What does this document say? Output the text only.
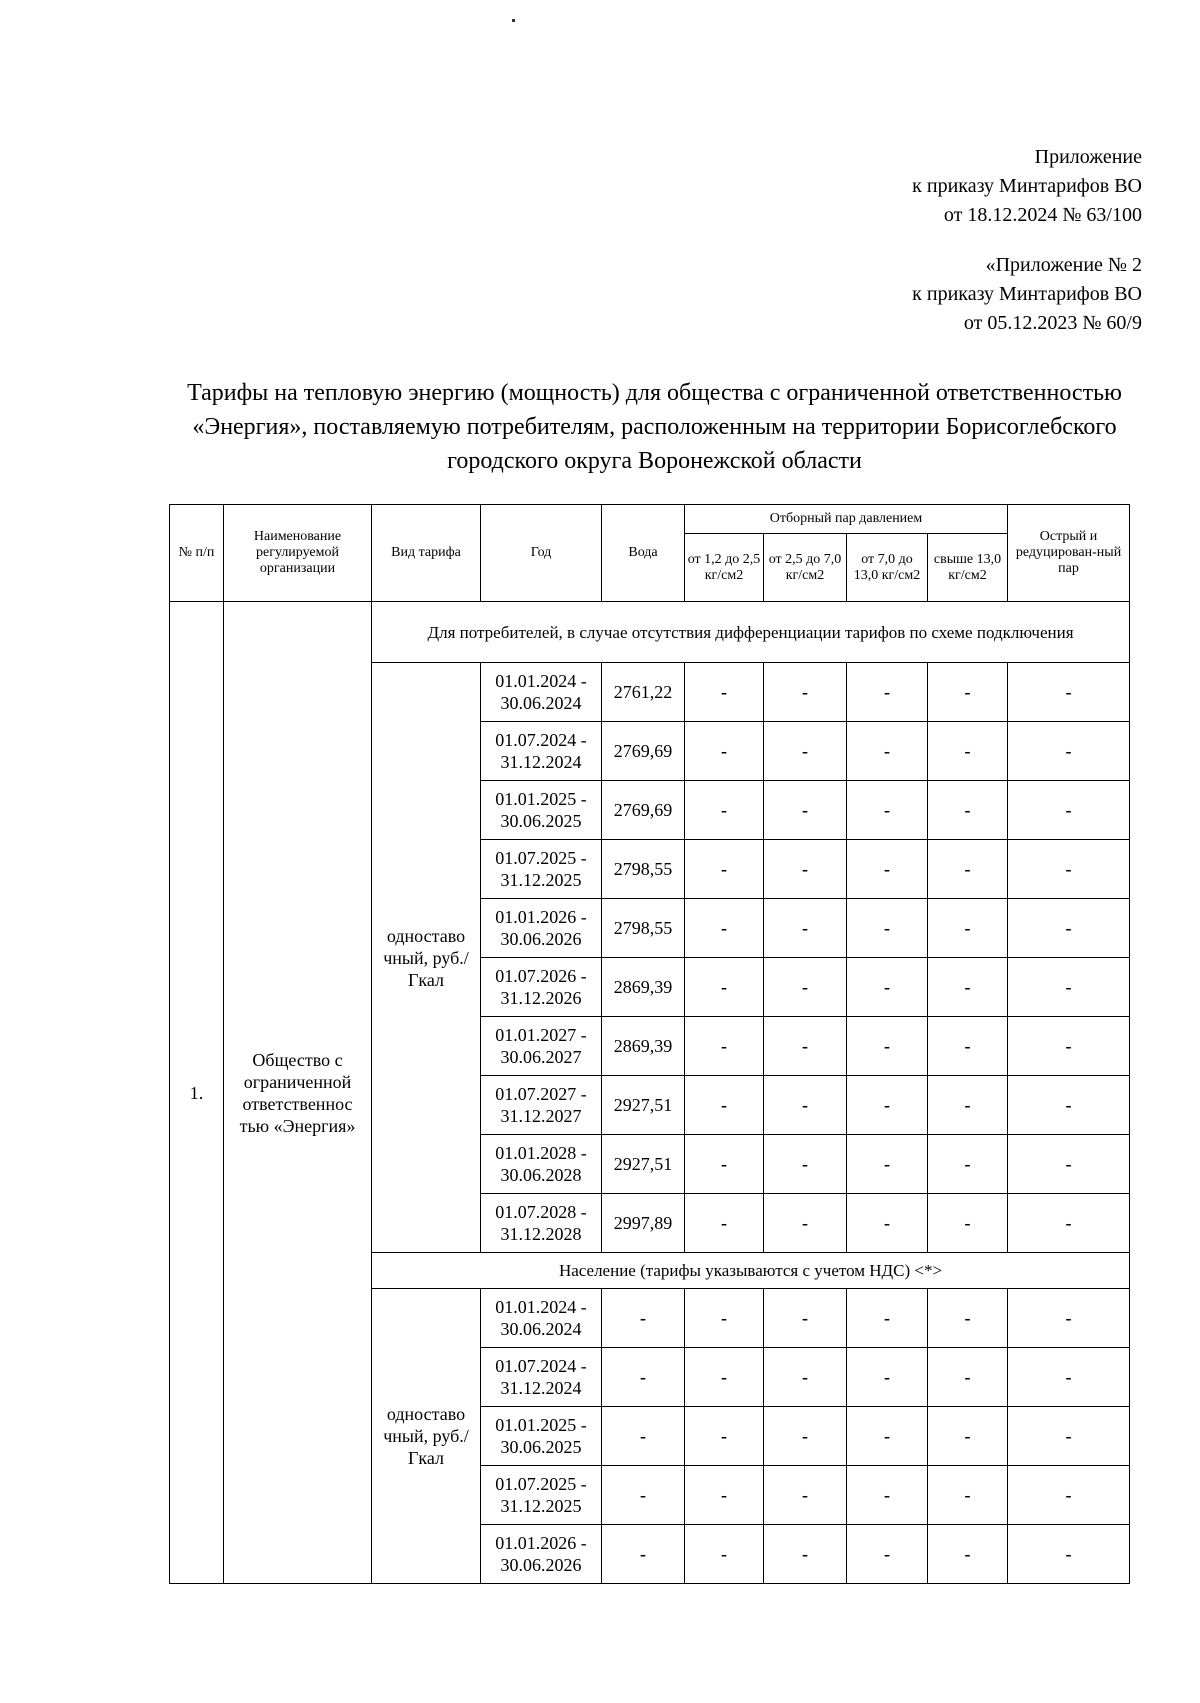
Приложение
к приказу Минтарифов ВО
от 18.12.2024 № 63/100
«Приложение № 2
к приказу Минтарифов ВО
от 05.12.2023 № 60/9
Тарифы на тепловую энергию (мощность) для общества с ограниченной ответственностью «Энергия», поставляемую потребителям, расположенным на территории Борисоглебского городского округа Воронежской области
№ п/п	Наименование регулируемой организации	Вид тарифа	Год	Вода	Отборный пар давлением				Острый и редуцирован-ный пар
					от 1,2 до 2,5 кг/см2	от 2,5 до 7,0 кг/см2	от 7,0 до 13,0 кг/см2	свыше 13,0 кг/см2	
1.	Общество с ограниченной ответственнос тью «Энергия»	Для потребителей, в случае отсутствия дифференциации тарифов по схеме подключения							
		одноставо чный, руб./Гкал	01.01.2024 - 30.06.2024	2761,22	-	-	-	-	-
			01.07.2024 - 31.12.2024	2769,69	-	-	-	-	-
			01.01.2025 - 30.06.2025	2769,69	-	-	-	-	-
			01.07.2025 - 31.12.2025	2798,55	-	-	-	-	-
			01.01.2026 - 30.06.2026	2798,55	-	-	-	-	-
			01.07.2026 - 31.12.2026	2869,39	-	-	-	-	-
			01.01.2027 - 30.06.2027	2869,39	-	-	-	-	-
			01.07.2027 - 31.12.2027	2927,51	-	-	-	-	-
			01.01.2028 - 30.06.2028	2927,51	-	-	-	-	-
			01.07.2028 - 31.12.2028	2997,89	-	-	-	-	-
		Население (тарифы указываются с учетом НДС) <*>							
		одноставо чный, руб./Гкал	01.01.2024 - 30.06.2024	-	-	-	-	-	-
			01.07.2024 - 31.12.2024	-	-	-	-	-	-
			01.01.2025 - 30.06.2025	-	-	-	-	-	-
			01.07.2025 - 31.12.2025	-	-	-	-	-	-
			01.01.2026 - 30.06.2026	-	-	-	-	-	-
